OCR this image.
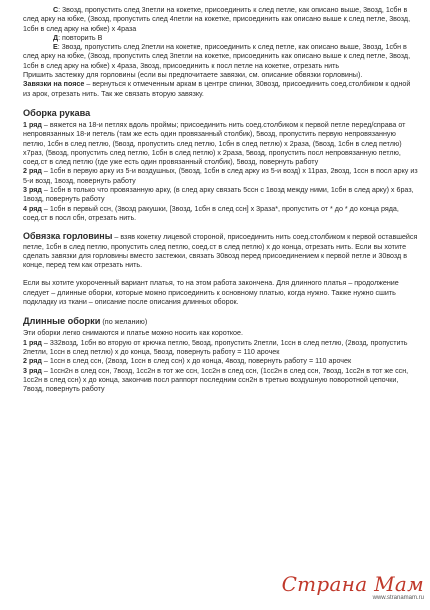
С: 3возд, пропустить след 3петли на кокетке, присоединить к след петле, как описано выше, 3возд, 1сбн в след арку на юбке, (3возд, пропустить след 4петли на кокетке, присоединить как описано выше к след петле, 3возд, 1сбн в след арку на юбке) х 4раза

Д: повторить В

Е: 3возд, пропустить след 2петли на кокетке, присоединить к след петле, как описано выше, 3возд, 1сбн в след арку на юбке, (3возд, пропустить след 3петли на кокетке, присоединить как описано выше к след петле, 3возд, 1сбн в след арку на юбке) х 4раза, 3возд, присоединить к посл петле на кокетке, отрезать нить

Пришить застежку для горловины (если вы предпочитаете завязки, см. описание обвязки горловины).

Завязки на поясе – вернуться к отмеченным аркам в центре спинки, 30возд, присоединить соед.столбиком к одной из арок, отрезать нить. Так же связать вторую завязку.

Оборка рукава

1 ряд – вяжется на 18-и петлях вдоль проймы; присоединить нить соед.столбиком к первой петле перед/справа от непровязанных 18-и петель (там же есть один провязанный столбик), 5возд, пропустить первую непровязанную петлю, 1сбн в след петлю, (5возд, пропустить след петлю, 1сбн в след петлю) х 2раза, (5возд, 1сбн в след петлю) х7раз, (5возд, пропустить след петлю, 1сбн в след петлю) х 2раза, 5возд, пропустить посл непровязанную петлю, соед.ст в след петлю (где уже есть один провязанный столбик), 5возд, повернуть работу

2 ряд – 1сбн в первую арку из 5-и воздушных, (5возд, 1сбн в след арку из 5-и возд) х 11раз, 2возд, 1ссн в посл арку из 5-и возд, 1возд, повернуть работу

3 ряд – 1сбн в только что провязанную арку, (в след арку связать 5ссн с 1возд между ними, 1сбн в след арку) х 6раз, 1возд, повернуть работу

4 ряд – 1сбн в первый ссн, (3возд ракушки, [3возд, 1сбн в след ссн] х 3раза*, пропустить от * до * до конца ряда, соед.ст в посл сбн, отрезать нить.

Обвязка горловины – взяв кокетку лицевой стороной, присоединить нить соед.столбиком к первой оставшейся петле, 1сбн в след петлю, пропустить след петлю, соед.ст в след петлю) х до конца, отрезать нить. Если вы хотите сделать завязки для горловины вместо застежки, связать 30возд перед присоединением к первой петле и 30возд в конце, перед тем как отрезать нить.

Если вы хотите укороченный вариант платья, то на этом работа закончена. Для длинного платья – продолжение следует – длинные оборки, которые можно присоединить к основному платью, когда нужно. Также нужно сшить подкладку из ткани – описание после описания длинных оборок.

Длинные оборки (по желанию)

Эти оборки легко снимаются и платье можно носить как короткое.

1 ряд – 332возд, 1сбн во вторую от крючка петлю, 5возд, пропустить 2петли, 1ссн в след петлю, (2возд, пропустить 2петли, 1ссн в след петлю) х до конца, 5возд, повернуть работу = 110 арочек

2 ряд – 1ссн в след ссн, (2возд, 1ссн в след ссн) х до конца, 4возд, повернуть работу = 110 арочек

3 ряд – 1ссн2н в след ссн, 7возд, 1сс2н в тот же ссн, 1сс2н в след ссн, (1сс2н в след ссн, 7возд, 1сс2н в тот же ссн, 1сс2н в след ссн) х до конца, закончив посл раппорт последним ссн2н в третью воздушную поворотной цепочки, 7возд, повернуть работу

Страна Мам
www.stranamam.ru
